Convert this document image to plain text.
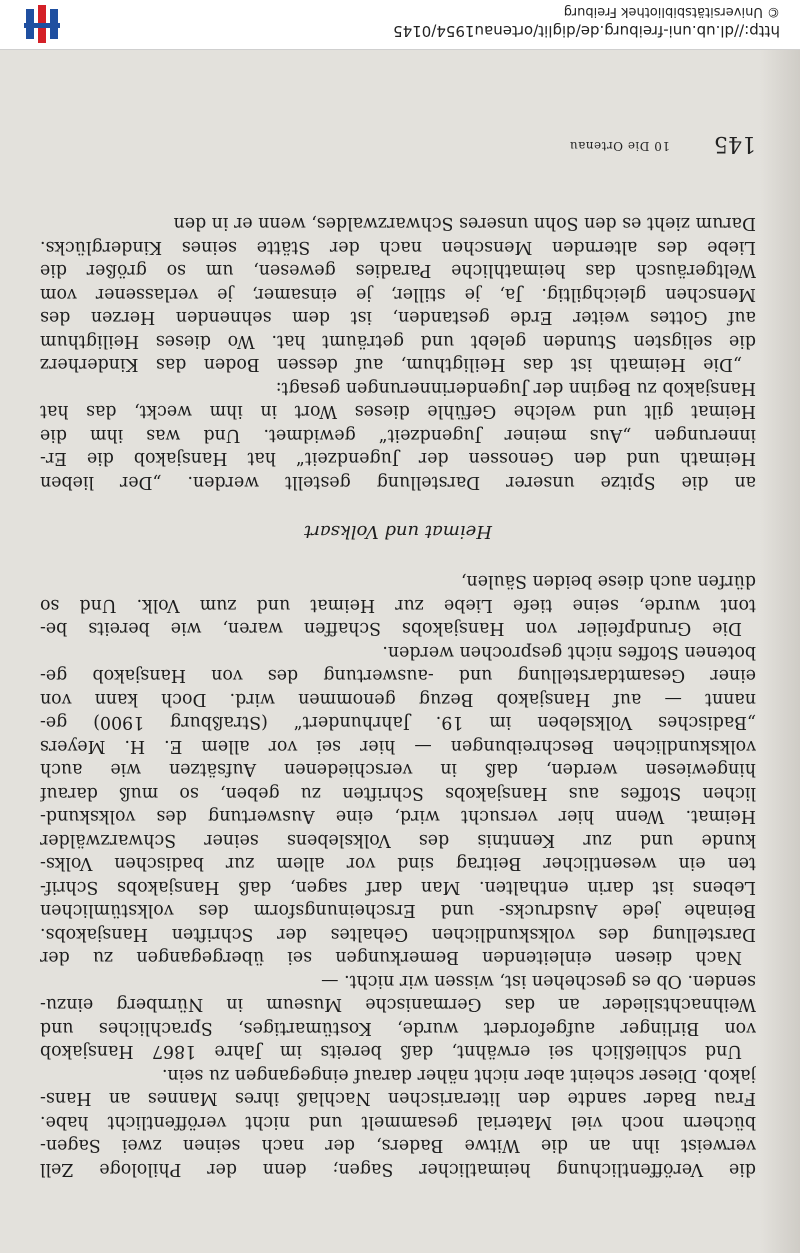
145
10 Die Ortenau
die Veröffentlichung heimatlicher Sagen; denn der Philologe Zell
verweist ihn an die Witwe Baders, der nach seinen zwei Sagen-
büchern noch viel Material gesammelt und nicht veröffentlicht habe.
Frau Bader sandte den literarischen Nachlaß ihres Mannes an Hans-
jakob. Dieser scheint aber nicht näher darauf eingegangen zu sein.
Und schließlich sei erwähnt, daß bereits im Jahre 1867 Hansjakob
von Birlinger aufgefordert wurde, Kostümartiges, Sprachliches und
Weihnachtslieder an das Germanische Museum in Nürnberg einzu-
senden. Ob es geschehen ist, wissen wir nicht. —
Nach diesen einleitenden Bemerkungen sei übergegangen zu der
Darstellung des volkskundlichen Gehaltes der Schriften Hansjakobs.
Beinahe jede Ausdrucks- und Erscheinungsform des volkstümlichen
Lebens ist darin enthalten. Man darf sagen, daß Hansjakobs Schrif-
ten ein wesentlicher Beitrag sind vor allem zur badischen Volks-
kunde und zur Kenntnis des Volkslebens seiner Schwarzwälder
Heimat. Wenn hier versucht wird, eine Auswertung des volkskund-
lichen Stoffes aus Hansjakobs Schriften zu geben, so muß darauf
hingewiesen werden, daß in verschiedenen Aufsätzen wie auch
volkskundlichen Beschreibungen — hier sei vor allem E. H. Meyers
„Badisches Volksleben im 19. Jahrhundert“ (Straßburg 1900) ge-
nannt — auf Hansjakob Bezug genommen wird. Doch kann von
einer Gesamtdarstellung und -auswertung des von Hansjakob ge-
botenen Stoffes nicht gesprochen werden.
Die Grundpfeiler von Hansjakobs Schaffen waren, wie bereits be-
tont wurde, seine tiefe Liebe zur Heimat und zum Volk. Und so
dürfen auch diese beiden Säulen,
Heimat und Volksart
an die Spitze unserer Darstellung gestellt werden. „Der lieben
Heimath und den Genossen der Jugendzeit“ hat Hansjakob die Er-
innerungen „Aus meiner Jugendzeit“ gewidmet. Und was ihm die
Heimat gilt und welche Gefühle dieses Wort in ihm weckt, das hat
Hansjakob zu Beginn der Jugenderinnerungen gesagt:
„Die Heimath ist das Heiligthum, auf dessen Boden das Kinderherz
die seligsten Stunden gelebt und geträumt hat. Wo dieses Heiligthum
auf Gottes weiter Erde gestanden, ist dem sehnenden Herzen des
Menschen gleichgiltig. Ja, je stiller, je einsamer, je verlassener vom
Weltgeräusch das heimathliche Paradies gewesen, um so größer die
Liebe des alternden Menschen nach der Stätte seines Kinderglücks.
Darum zieht es den Sohn unseres Schwarzwaldes, wenn er in den
http://dl.ub.uni-freiburg.de/diglit/ortenau1954/0145
© Universitätsbibliothek Freiburg
